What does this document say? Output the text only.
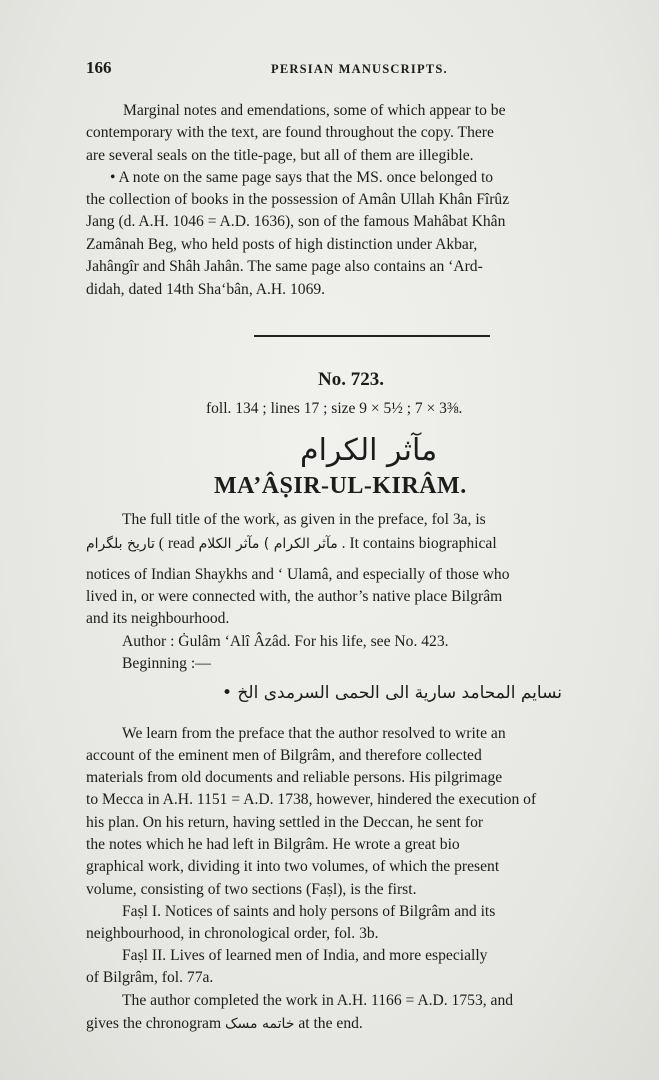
166	PERSIAN MANUSCRIPTS.
Marginal notes and emendations, some of which appear to be
contemporary with the text, are found throughout the copy. There
are several seals on the title-page, but all of them are illegible.
• A note on the same page says that the MS. once belonged to
the collection of books in the possession of Amân Ullah Khân Fîrûz
Jang (d. A.H. 1046 = A.D. 1636), son of the famous Mahâbat Khân
Zamânah Beg, who held posts of high distinction under Akbar,
Jahângîr and Shâh Jahân. The same page also contains an ‘Ard-
didah, dated 14th Sha‘bân, A.H. 1069.
No. 723.
foll. 134 ; lines 17 ; size 9 × 5½ ; 7 × 3⅜.
مآثر الكرام
MA’ÂṢIR-UL-KIRÂM.
The full title of the work, as given in the preface, fol 3a, is
تاريخ بلگرام ( read مآثر الكرام ) مآثر الكلام . It contains biographical
notices of Indian Shaykhs and ‘ Ulamâ, and especially of those who
lived in, or were connected with, the author’s native place Bilgrâm
and its neighbourhood.
Author : Ġulâm ‘Alî Âzâd. For his life, see No. 423.
Beginning :—
نسايم المحامد سارية الى الحمى السرمدى الخ •
We learn from the preface that the author resolved to write an
account of the eminent men of Bilgrâm, and therefore collected
materials from old documents and reliable persons. His pilgrimage
to Mecca in A.H. 1151 = A.D. 1738, however, hindered the execution of
his plan. On his return, having settled in the Deccan, he sent for
the notes which he had left in Bilgrâm. He wrote a great bio
graphical work, dividing it into two volumes, of which the present
volume, consisting of two sections (Faṣl), is the first.
Faṣl I. Notices of saints and holy persons of Bilgrâm and its
neighbourhood, in chronological order, fol. 3b.
Faṣl II. Lives of learned men of India, and more especially
of Bilgrâm, fol. 77a.
The author completed the work in A.H. 1166 = A.D. 1753, and
gives the chronogram خاتمه مسک at the end.
